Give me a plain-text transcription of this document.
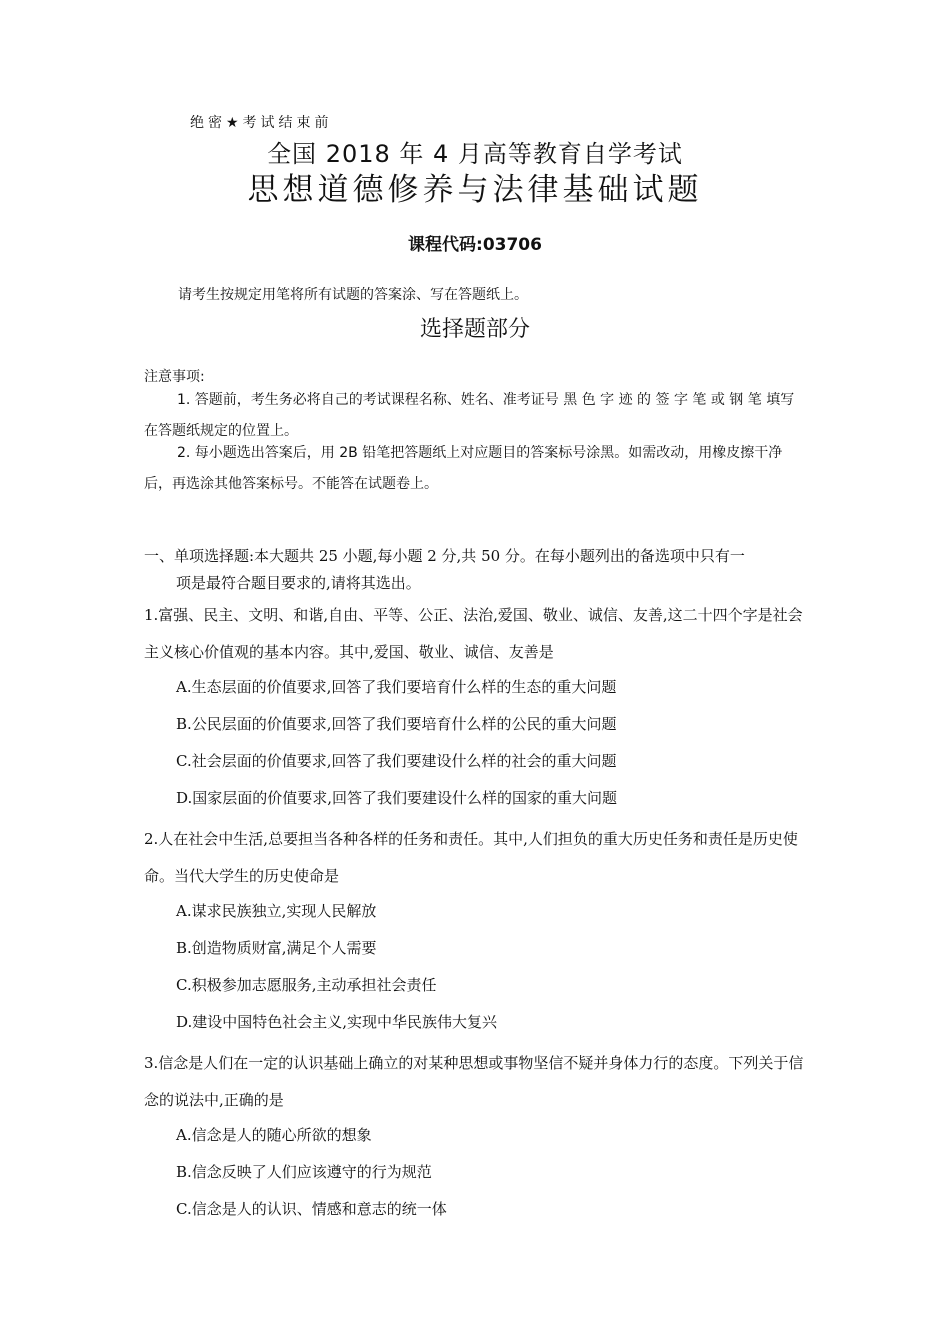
绝密★考试结束前
全国 2018 年 4 月高等教育自学考试
思想道德修养与法律基础试题
课程代码:03706
请考生按规定用笔将所有试题的答案涂、写在答题纸上。
选择题部分
注意事项:
1. 答题前，考生务必将自己的考试课程名称、姓名、准考证号 黑 色 字 迹 的 签 字 笔 或 钢 笔 填写在答题纸规定的位置上。
2. 每小题选出答案后，用 2B 铅笔把答题纸上对应题目的答案标号涂黑。如需改动，用橡皮擦干净后，再选涂其他答案标号。不能答在试题卷上。
一、单项选择题:本大题共 25 小题,每小题 2 分,共 50 分。在每小题列出的备选项中只有一
项是最符合题目要求的,请将其选出。
1.富强、民主、文明、和谐,自由、平等、公正、法治,爱国、敬业、诚信、友善,这二十四个字是社会主义核心价值观的基本内容。其中,爱国、敬业、诚信、友善是
A.生态层面的价值要求,回答了我们要培育什么样的生态的重大问题
B.公民层面的价值要求,回答了我们要培育什么样的公民的重大问题
C.社会层面的价值要求,回答了我们要建设什么样的社会的重大问题
D.国家层面的价值要求,回答了我们要建设什么样的国家的重大问题
2.人在社会中生活,总要担当各种各样的任务和责任。其中,人们担负的重大历史任务和责任是历史使命。当代大学生的历史使命是
A.谋求民族独立,实现人民解放
B.创造物质财富,满足个人需要
C.积极参加志愿服务,主动承担社会责任
D.建设中国特色社会主义,实现中华民族伟大复兴
3.信念是人们在一定的认识基础上确立的对某种思想或事物坚信不疑并身体力行的态度。下列关于信念的说法中,正确的是
A.信念是人的随心所欲的想象
B.信念反映了人们应该遵守的行为规范
C.信念是人的认识、情感和意志的统一体
